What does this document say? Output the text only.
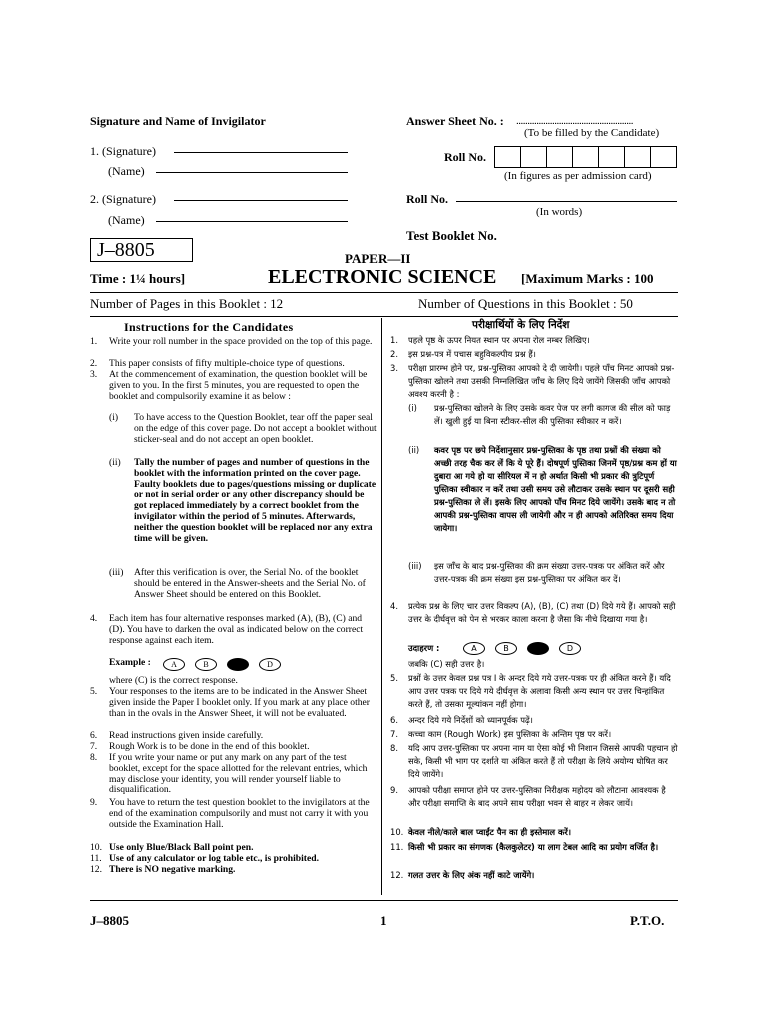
Signature and Name of Invigilator
1. (Signature)
(Name)
2. (Signature)
(Name)
Answer Sheet No. : ....................................................
(To be filled by the Candidate)
Roll No.
(In figures as per admission card)
Roll No.
(In words)
Test Booklet No.
J–8805	PAPER—II
Time : 1¼ hours]	ELECTRONIC SCIENCE [Maximum Marks : 100
Number of Pages in this Booklet : 12	Number of Questions in this Booklet : 50
Instructions for the Candidates
1.	Write your roll number in the space provided on the top of this page.
2.	This paper consists of fifty multiple-choice type of questions.
3.	At the commencement of examination, the question booklet will be given to you. In the first 5 minutes, you are requested to open the booklet and compulsorily examine it as below :
(i)	To have access to the Question Booklet, tear off the paper seal on the edge of this cover page. Do not accept a booklet without sticker-seal and do not accept an open booklet.
(ii)	Tally the number of pages and number of questions in the booklet with the information printed on the cover page. Faulty booklets due to pages/questions missing or duplicate or not in serial order or any other discrepancy should be got replaced immediately by a correct booklet from the invigilator within the period of 5 minutes. Afterwards, neither the question booklet will be replaced nor any extra time will be given.
(iii)	After this verification is over, the Serial No. of the booklet should be entered in the Answer-sheets and the Serial No. of Answer Sheet should be entered on this Booklet.
4.	Each item has four alternative responses marked (A), (B), (C) and (D). You have to darken the oval as indicated below on the correct response against each item.
Example :	A	B	C	D
where (C) is the correct response.
5.	Your responses to the items are to be indicated in the Answer Sheet given inside the Paper I booklet only. If you mark at any place other than in the ovals in the Answer Sheet, it will not be evaluated.
6.	Read instructions given inside carefully.
7.	Rough Work is to be done in the end of this booklet.
8.	If you write your name or put any mark on any part of the test booklet, except for the space allotted for the relevant entries, which may disclose your identity, you will render yourself liable to disqualification.
9.	You have to return the test question booklet to the invigilators at the end of the examination compulsorily and must not carry it with you outside the Examination Hall.
10. Use only Blue/Black Ball point pen.
11. Use of any calculator or log table etc., is prohibited.
12. There is NO negative marking.
परीक्षार्थियों के लिए निर्देश
1.	पहले पृष्ठ के ऊपर नियत स्थान पर अपना रोल नम्बर लिखिए।
2.	इस प्रश्न-पत्र में पचास बहुविकल्पीय प्रश्न हैं।
3.	परीक्षा प्रारम्भ होने पर, प्रश्न-पुस्तिका आपको दे दी जायेगी। पहले पाँच मिनट आपको प्रश्न-पुस्तिका खोलने तथा उसकी निम्नलिखित जाँच के लिए दिये जायेंगे जिसकी जाँच आपको अवश्य करनी है :
(i)	प्रश्न-पुस्तिका खोलने के लिए उसके कवर पेज पर लगी कागज की सील को फाड़ लें। खुली हुई या बिना स्टीकर-सील की पुस्तिका स्वीकार न करें।
(ii)	कवर पृष्ठ पर छपे निर्देशानुसार प्रश्न-पुस्तिका के पृष्ठ तथा प्रश्नों की संख्या को अच्छी तरह चैक कर लें कि ये पूरे हैं। दोषपूर्ण पुस्तिका जिनमें पृष्ठ/प्रश्न कम हों या दुबारा आ गये हो या सीरियल में न हो अर्थात किसी भी प्रकार की त्रुटिपूर्ण पुस्तिका स्वीकार न करें तथा उसी समय उसे लौटाकर उसके स्थान पर दूसरी सही प्रश्न-पुस्तिका ले लें। इसके लिए आपको पाँच मिनट दिये जायेंगे। उसके बाद न तो आपकी प्रश्न-पुस्तिका वापस ली जायेगी और न ही आपको अतिरिक्त समय दिया जायेगा।
(iii)	इस जाँच के बाद प्रश्न-पुस्तिका की क्रम संख्या उत्तर-पत्रक पर अंकित करें और उत्तर-पत्रक की क्रम संख्या इस प्रश्न-पुस्तिका पर अंकित कर दें।
4.	प्रत्येक प्रश्न के लिए चार उत्तर विकल्प (A), (B), (C) तथा (D) दिये गये हैं। आपको सही उत्तर के दीर्घवृत्त को पेन से भरकर काला करना है जैसा कि नीचे दिखाया गया है।
उदाहरण :	A	B	C	D
जबकि (C) सही उत्तर है।
5.	प्रश्नों के उत्तर केवल प्रश्न पत्र I के अन्दर दिये गये उत्तर-पत्रक पर ही अंकित करने हैं। यदि आप उत्तर पत्रक पर दिये गये दीर्घवृत्त के अलावा किसी अन्य स्थान पर उत्तर चिन्हांकित करते हैं, तो उसका मूल्यांकन नहीं होगा।
6.	अन्दर दिये गये निर्देशों को ध्यानपूर्वक पढ़ें।
7.	कच्चा काम (Rough Work) इस पुस्तिका के अन्तिम पृष्ठ पर करें।
8.	यदि आप उत्तर-पुस्तिका पर अपना नाम या ऐसा कोई भी निशान जिससे आपकी पहचान हो सके, किसी भी भाग पर दर्शाते या अंकित करते हैं तो परीक्षा के लिये अयोग्य घोषित कर दिये जायेंगे।
9.	आपको परीक्षा समाप्त होने पर उत्तर-पुस्तिका निरीक्षक महोदय को लौटाना आवश्यक है और परीक्षा समाप्ति के बाद अपने साथ परीक्षा भवन से बाहर न लेकर जायें।
10. केवल नीले/काले बाल प्वाईंट पैन का ही इस्तेमाल करें।
11. किसी भी प्रकार का संगणक (कैलकुलेटर) या लाग टेबल आदि का प्रयोग वर्जित है।
12. गलत उत्तर के लिए अंक नहीं काटे जायेंगे।
J–8805	1	P.T.O.
